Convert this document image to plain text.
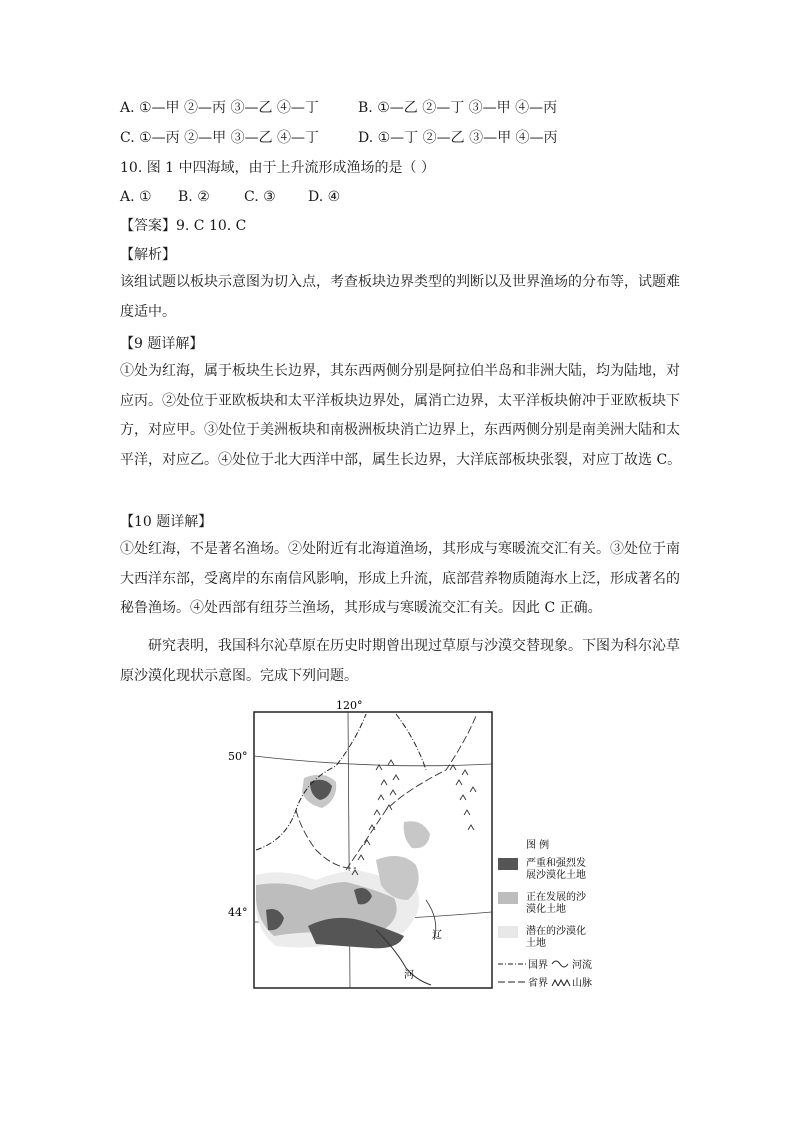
A. ①—甲 ②—丙 ③—乙 ④—丁	B. ①—乙 ②—丁 ③—甲 ④—丙
C. ①—丙 ②—甲 ③—乙 ④—丁	D. ①—丁 ②—乙 ③—甲 ④—丙
10. 图 1 中四海域，由于上升流形成渔场的是（ ）
A. ① B. ② C. ③ D. ④
【答案】9. C 10. C
【解析】
该组试题以板块示意图为切入点，考查板块边界类型的判断以及世界渔场的分布等，试题难度适中。
【9 题详解】
①处为红海，属于板块生长边界，其东西两侧分别是阿拉伯半岛和非洲大陆，均为陆地，对应丙。②处位于亚欧板块和太平洋板块边界处，属消亡边界，太平洋板块俯冲于亚欧板块下方，对应甲。③处位于美洲板块和南极洲板块消亡边界上，东西两侧分别是南美洲大陆和太平洋，对应乙。④处位于北大西洋中部，属生长边界，大洋底部板块张裂，对应丁故选 C。
【10 题详解】
①处红海，不是著名渔场。②处附近有北海道渔场，其形成与寒暖流交汇有关。③处位于南大西洋东部，受离岸的东南信风影响，形成上升流，底部营养物质随海水上泛，形成著名的秘鲁渔场。④处西部有纽芬兰渔场，其形成与寒暖流交汇有关。因此 C 正确。
研究表明，我国科尔沁草原在历史时期曾出现过草原与沙漠交替现象。下图为科尔沁草原沙漠化现状示意图。完成下列问题。
120°
50°
44°
辽
河
图 例
严重和强烈发
展沙漠化土地
正在发展的沙
漠化土地
潜在的沙漠化
土地
国界 河流
省界 山脉
